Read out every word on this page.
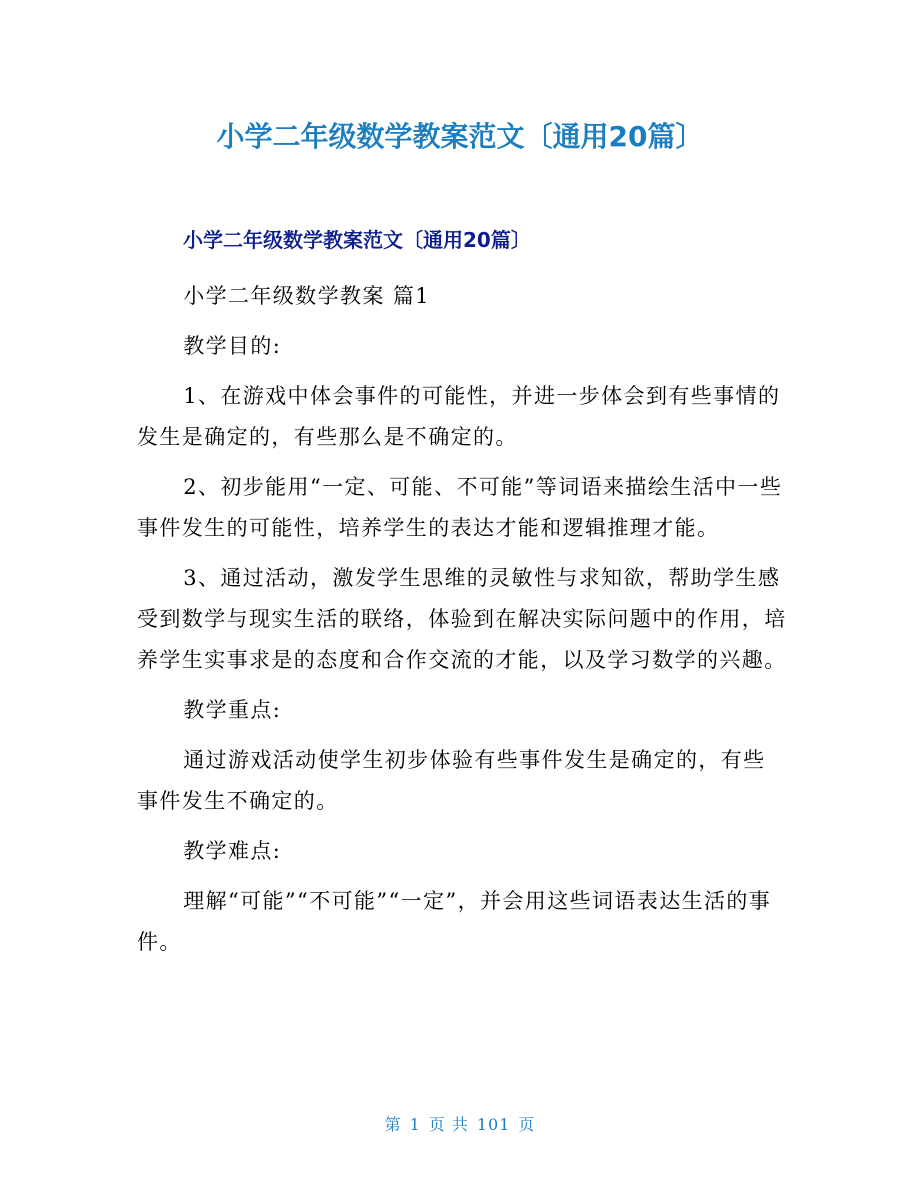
小学二年级数学教案范文〔通用20篇〕
小学二年级数学教案范文〔通用20篇〕

小学二年级数学教案 篇1

教学目的:

1、在游戏中体会事件的可能性，并进一步体会到有些事情的发生是确定的，有些那么是不确定的。

2、初步能用“一定、可能、不可能”等词语来描绘生活中一些事件发生的可能性，培养学生的表达才能和逻辑推理才能。

3、通过活动，激发学生思维的灵敏性与求知欲，帮助学生感受到数学与现实生活的联络，体验到在解决实际问题中的作用，培养学生实事求是的态度和合作交流的才能，以及学习数学的兴趣。

教学重点:

通过游戏活动使学生初步体验有些事件发生是确定的，有些事件发生不确定的。

教学难点:

理解“可能”“不可能”“一定”，并会用这些词语表达生活的事件。

第 1 页 共 101 页
